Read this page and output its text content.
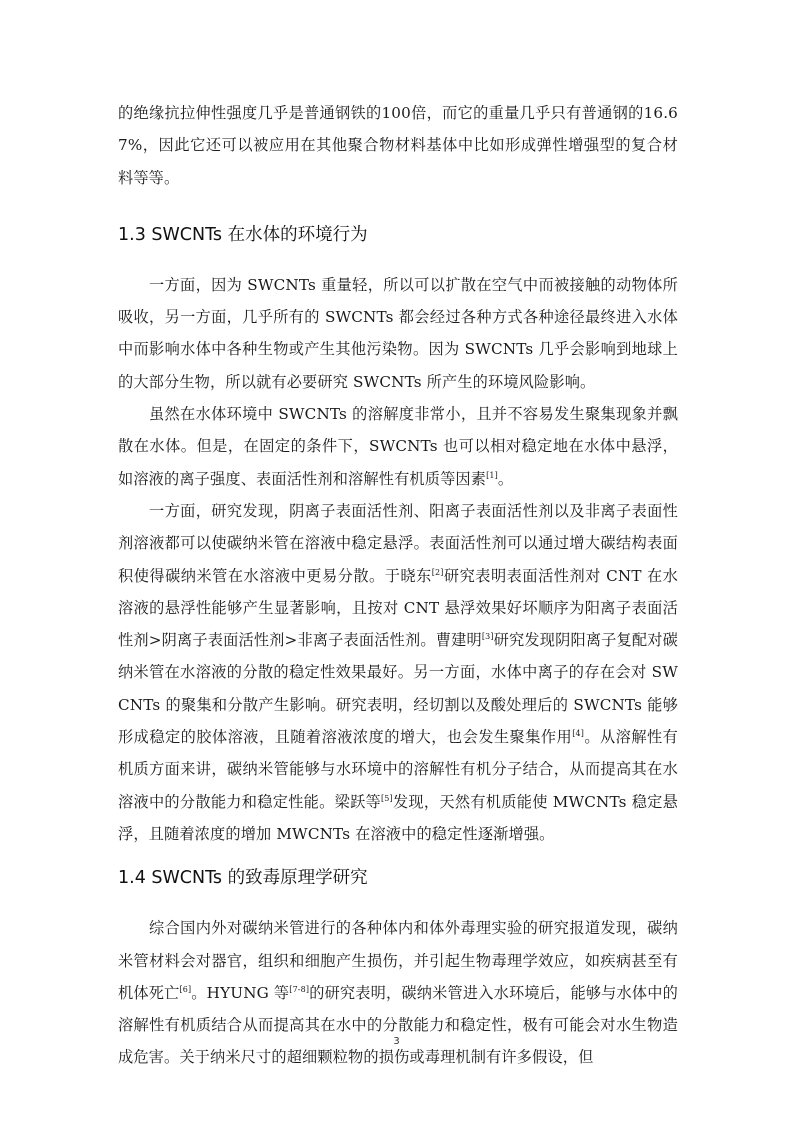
的绝缘抗拉伸性强度几乎是普通钢铁的100倍，而它的重量几乎只有普通钢的16.67%，因此它还可以被应用在其他聚合物材料基体中比如形成弹性增强型的复合材料等等。

1.3 SWCNTs 在水体的环境行为

一方面，因为 SWCNTs 重量轻，所以可以扩散在空气中而被接触的动物体所吸收，另一方面，几乎所有的 SWCNTs 都会经过各种方式各种途径最终进入水体中而影响水体中各种生物或产生其他污染物。因为 SWCNTs 几乎会影响到地球上的大部分生物，所以就有必要研究 SWCNTs 所产生的环境风险影响。

虽然在水体环境中 SWCNTs 的溶解度非常小，且并不容易发生聚集现象并飘散在水体。但是，在固定的条件下，SWCNTs 也可以相对稳定地在水体中悬浮，如溶液的离子强度、表面活性剂和溶解性有机质等因素[1]。

一方面，研究发现，阴离子表面活性剂、阳离子表面活性剂以及非离子表面性剂溶液都可以使碳纳米管在溶液中稳定悬浮。表面活性剂可以通过增大碳结构表面积使得碳纳米管在水溶液中更易分散。于晓东[2]研究表明表面活性剂对 CNT 在水溶液的悬浮性能够产生显著影响，且按对 CNT 悬浮效果好坏顺序为阳离子表面活性剂>阴离子表面活性剂>非离子表面活性剂。曹建明[3]研究发现阴阳离子复配对碳纳米管在水溶液的分散的稳定性效果最好。另一方面，水体中离子的存在会对 SWCNTs 的聚集和分散产生影响。研究表明，经切割以及酸处理后的 SWCNTs 能够形成稳定的胶体溶液，且随着溶液浓度的增大，也会发生聚集作用[4]。从溶解性有机质方面来讲，碳纳米管能够与水环境中的溶解性有机分子结合，从而提高其在水溶液中的分散能力和稳定性能。梁跃等[5]发现，天然有机质能使 MWCNTs 稳定悬浮，且随着浓度的增加 MWCNTs 在溶液中的稳定性逐渐增强。

1.4 SWCNTs 的致毒原理学研究

综合国内外对碳纳米管进行的各种体内和体外毒理实验的研究报道发现，碳纳米管材料会对器官，组织和细胞产生损伤，并引起生物毒理学效应，如疾病甚至有机体死亡[6]。HYUNG 等[7-8]的研究表明，碳纳米管进入水环境后，能够与水体中的溶解性有机质结合从而提高其在水中的分散能力和稳定性，极有可能会对水生物造成危害。关于纳米尺寸的超细颗粒物的损伤或毒理机制有许多假设，但

3
